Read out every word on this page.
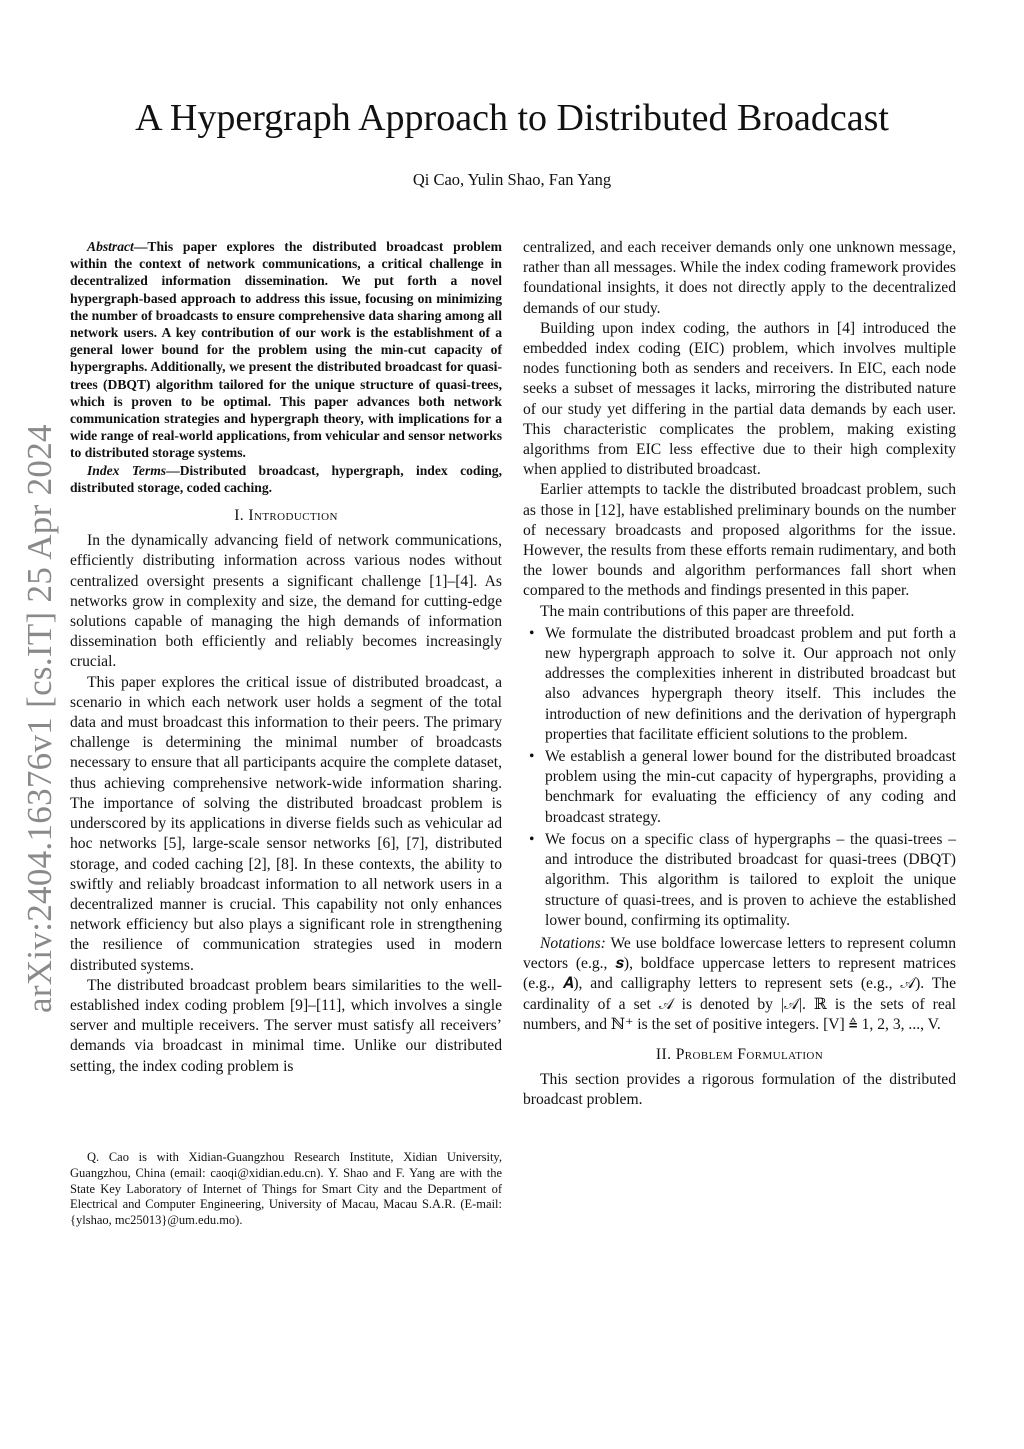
arXiv:2404.16376v1 [cs.IT] 25 Apr 2024
A Hypergraph Approach to Distributed Broadcast

Qi Cao, Yulin Shao, Fan Yang

Abstract—This paper explores the distributed broadcast problem within the context of network communications, a critical challenge in decentralized information dissemination. We put forth a novel hypergraph-based approach to address this issue, focusing on minimizing the number of broadcasts to ensure comprehensive data sharing among all network users. A key contribution of our work is the establishment of a general lower bound for the problem using the min-cut capacity of hypergraphs. Additionally, we present the distributed broadcast for quasi-trees (DBQT) algorithm tailored for the unique structure of quasi-trees, which is proven to be optimal. This paper advances both network communication strategies and hypergraph theory, with implications for a wide range of real-world applications, from vehicular and sensor networks to distributed storage systems.

Index Terms—Distributed broadcast, hypergraph, index coding, distributed storage, coded caching.

I. Introduction

In the dynamically advancing field of network communications, efficiently distributing information across various nodes without centralized oversight presents a significant challenge [1]–[4]. As networks grow in complexity and size, the demand for cutting-edge solutions capable of managing the high demands of information dissemination both efficiently and reliably becomes increasingly crucial.

This paper explores the critical issue of distributed broadcast, a scenario in which each network user holds a segment of the total data and must broadcast this information to their peers. The primary challenge is determining the minimal number of broadcasts necessary to ensure that all participants acquire the complete dataset, thus achieving comprehensive network-wide information sharing. The importance of solving the distributed broadcast problem is underscored by its applications in diverse fields such as vehicular ad hoc networks [5], large-scale sensor networks [6], [7], distributed storage, and coded caching [2], [8]. In these contexts, the ability to swiftly and reliably broadcast information to all network users in a decentralized manner is crucial. This capability not only enhances network efficiency but also plays a significant role in strengthening the resilience of communication strategies used in modern distributed systems.

The distributed broadcast problem bears similarities to the well-established index coding problem [9]–[11], which involves a single server and multiple receivers. The server must satisfy all receivers’ demands via broadcast in minimal time. Unlike our distributed setting, the index coding problem is

Q. Cao is with Xidian-Guangzhou Research Institute, Xidian University, Guangzhou, China (email: caoqi@xidian.edu.cn). Y. Shao and F. Yang are with the State Key Laboratory of Internet of Things for Smart City and the Department of Electrical and Computer Engineering, University of Macau, Macau S.A.R. (E-mail: {ylshao, mc25013}@um.edu.mo).

centralized, and each receiver demands only one unknown message, rather than all messages. While the index coding framework provides foundational insights, it does not directly apply to the decentralized demands of our study.

Building upon index coding, the authors in [4] introduced the embedded index coding (EIC) problem, which involves multiple nodes functioning both as senders and receivers. In EIC, each node seeks a subset of messages it lacks, mirroring the distributed nature of our study yet differing in the partial data demands by each user. This characteristic complicates the problem, making existing algorithms from EIC less effective due to their high complexity when applied to distributed broadcast.

Earlier attempts to tackle the distributed broadcast problem, such as those in [12], have established preliminary bounds on the number of necessary broadcasts and proposed algorithms for the issue. However, the results from these efforts remain rudimentary, and both the lower bounds and algorithm performances fall short when compared to the methods and findings presented in this paper.

The main contributions of this paper are threefold.

• We formulate the distributed broadcast problem and put forth a new hypergraph approach to solve it. Our approach not only addresses the complexities inherent in distributed broadcast but also advances hypergraph theory itself. This includes the introduction of new definitions and the derivation of hypergraph properties that facilitate efficient solutions to the problem.
• We establish a general lower bound for the distributed broadcast problem using the min-cut capacity of hypergraphs, providing a benchmark for evaluating the efficiency of any coding and broadcast strategy.
• We focus on a specific class of hypergraphs – the quasi-trees – and introduce the distributed broadcast for quasi-trees (DBQT) algorithm. This algorithm is tailored to exploit the unique structure of quasi-trees, and is proven to achieve the established lower bound, confirming its optimality.

Notations: We use boldface lowercase letters to represent column vectors (e.g., 𝒔), boldface uppercase letters to represent matrices (e.g., 𝑨), and calligraphy letters to represent sets (e.g., 𝒜). The cardinality of a set 𝒜 is denoted by |𝒜|. ℝ is the sets of real numbers, and ℕ⁺ is the set of positive integers. [V] ≜ 1, 2, 3, ..., V.

II. Problem Formulation

This section provides a rigorous formulation of the distributed broadcast problem.
